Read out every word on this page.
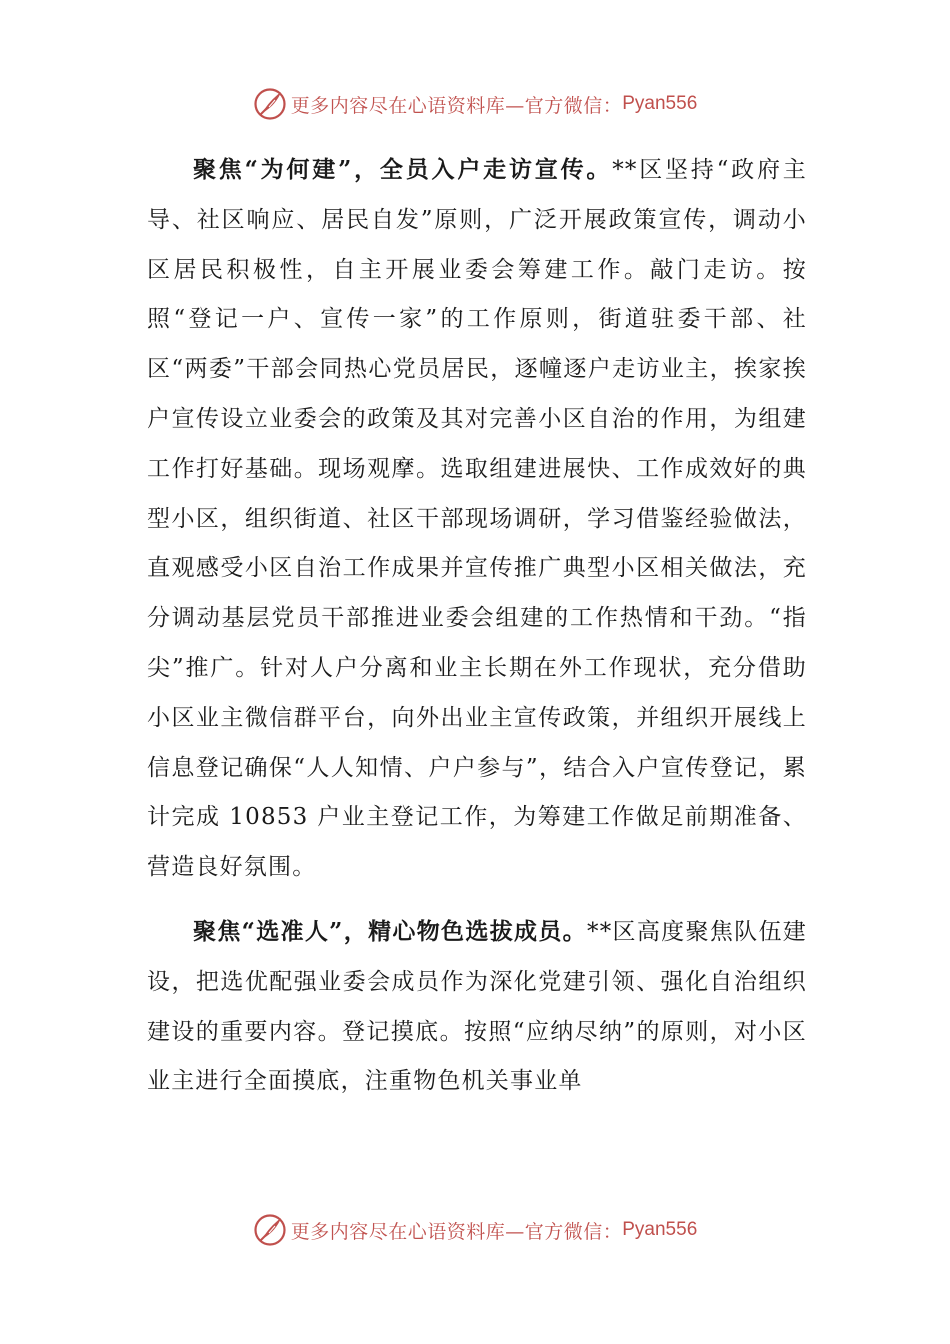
更多内容尽在心语资料库—官方微信： Pyan556

聚焦“为何建”，全员入户走访宣传。**区坚持“政府主导、社区响应、居民自发”原则，广泛开展政策宣传，调动小区居民积极性，自主开展业委会筹建工作。敲门走访。按照“登记一户、宣传一家”的工作原则，街道驻委干部、社区“两委”干部会同热心党员居民，逐幢逐户走访业主，挨家挨户宣传设立业委会的政策及其对完善小区自治的作用，为组建工作打好基础。现场观摩。选取组建进展快、工作成效好的典型小区，组织街道、社区干部现场调研，学习借鉴经验做法，直观感受小区自治工作成果并宣传推广典型小区相关做法，充分调动基层党员干部推进业委会组建的工作热情和干劲。“指尖”推广。针对人户分离和业主长期在外工作现状，充分借助小区业主微信群平台，向外出业主宣传政策，并组织开展线上信息登记确保“人人知情、户户参与”，结合入户宣传登记，累计完成 10853 户业主登记工作，为筹建工作做足前期准备、营造良好氛围。

聚焦“选准人”，精心物色选拔成员。**区高度聚焦队伍建设，把选优配强业委会成员作为深化党建引领、强化自治组织建设的重要内容。登记摸底。按照“应纳尽纳”的原则，对小区业主进行全面摸底，注重物色机关事业单

更多内容尽在心语资料库—官方微信： Pyan556
